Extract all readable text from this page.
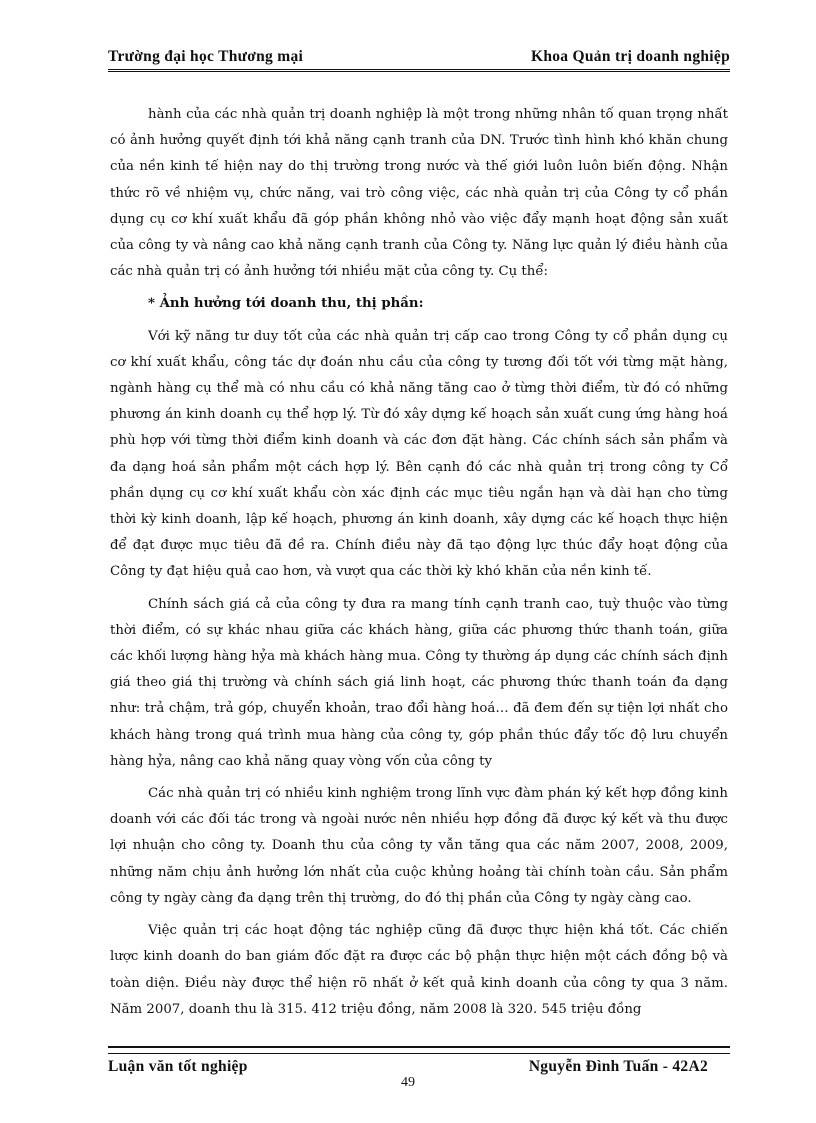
Trường đại học Thương mại	Khoa Quản trị doanh nghiệp

hành của các nhà quản trị doanh nghiệp là một trong những nhân tố quan trọng nhất có ảnh hưởng quyết định tới khả năng cạnh tranh của DN. Trước tình hình khó khăn chung của nền kinh tế hiện nay do thị trường trong nước và thế giới luôn luôn biến động. Nhận thức rõ về nhiệm vụ, chức năng, vai trò công việc, các nhà quản trị của Công ty cổ phần dụng cụ cơ khí xuất khẩu đã góp phần không nhỏ vào việc đẩy mạnh hoạt động sản xuất của công ty và nâng cao khả năng cạnh tranh của Công ty. Năng lực quản lý điều hành của các nhà quản trị có ảnh hưởng tới nhiều mặt của công ty. Cụ thể:

* Ảnh hưởng tới doanh thu, thị phần:

Với kỹ năng tư duy tốt của các nhà quản trị cấp cao trong Công ty cổ phần dụng cụ cơ khí xuất khẩu, công tác dự đoán nhu cầu của công ty tương đối tốt với từng mặt hàng, ngành hàng cụ thể mà có nhu cầu có khả năng tăng cao ở từng thời điểm, từ đó có những phương án kinh doanh cụ thể hợp lý. Từ đó xây dựng kế hoạch sản xuất cung ứng hàng hoá phù hợp với từng thời điểm kinh doanh và các đơn đặt hàng. Các chính sách sản phẩm và đa dạng hoá sản phẩm một cách hợp lý. Bên cạnh đó các nhà quản trị trong công ty Cổ phần dụng cụ cơ khí xuất khẩu còn xác định các mục tiêu ngắn hạn và dài hạn cho từng thời kỳ kinh doanh, lập kế hoạch, phương án kinh doanh, xây dựng các kế hoạch thực hiện để đạt được mục tiêu đã đề ra. Chính điều này đã tạo động lực thúc đẩy hoạt động của Công ty đạt hiệu quả cao hơn, và vượt qua các thời kỳ khó khăn của nền kinh tế.

Chính sách giá cả của công ty đưa ra mang tính cạnh tranh cao, tuỳ thuộc vào từng thời điểm, có sự khác nhau giữa các khách hàng, giữa các phương thức thanh toán, giữa các khối lượng hàng hỷa mà khách hàng mua. Công ty thường áp dụng các chính sách định giá theo giá thị trường và chính sách giá linh hoạt, các phương thức thanh toán đa dạng như: trả chậm, trả góp, chuyển khoản, trao đổi hàng hoá… đã đem đến sự tiện lợi nhất cho khách hàng trong quá trình mua hàng của công ty, góp phần thúc đẩy tốc độ lưu chuyển hàng hỷa, nâng cao khả năng quay vòng vốn của công ty

Các nhà quản trị có nhiều kinh nghiệm trong lĩnh vực đàm phán ký kết hợp đồng kinh doanh với các đối tác trong và ngoài nước nên nhiều hợp đồng đã được ký kết và thu được lợi nhuận cho công ty. Doanh thu của công ty vẫn tăng qua các năm 2007, 2008, 2009, những năm chịu ảnh hưởng lớn nhất của cuộc khủng hoảng tài chính toàn cầu. Sản phẩm công ty ngày càng đa dạng trên thị trường, do đó thị phần của Công ty ngày càng cao.

Việc quản trị các hoạt động tác nghiệp cũng đã được thực hiện khá tốt. Các chiến lược kinh doanh do ban giám đốc đặt ra được các bộ phận thực hiện một cách đồng bộ và toàn diện. Điều này được thể hiện rõ nhất ở kết quả kinh doanh của công ty qua 3 năm. Năm 2007, doanh thu là 315. 412 triệu đồng, năm 2008 là 320. 545 triệu đồng

Luận văn tốt nghiệp	Nguyễn Đình Tuấn - 42A2
49
